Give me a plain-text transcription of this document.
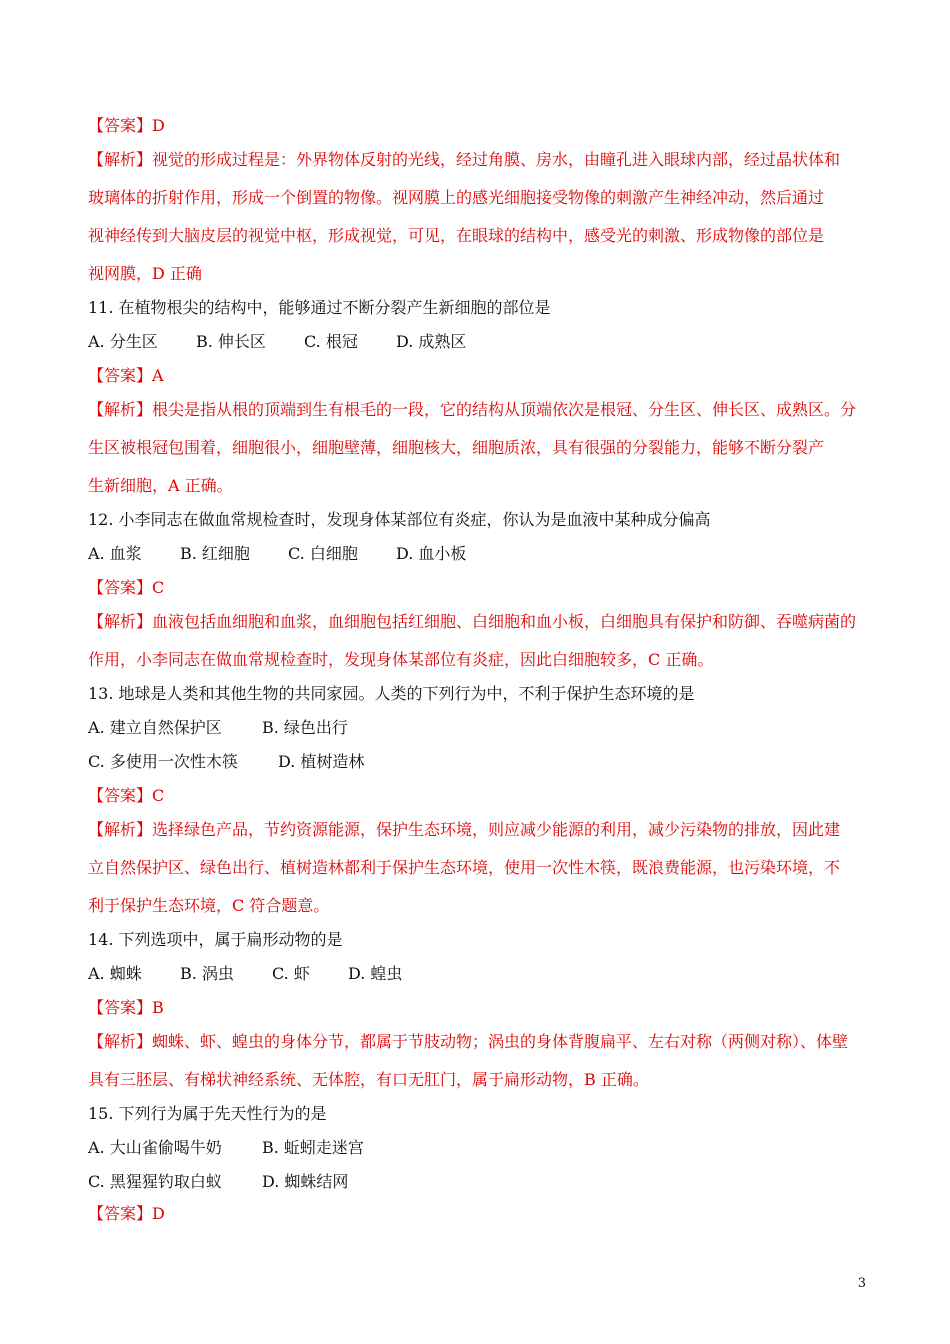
【答案】D
【解析】视觉的形成过程是：外界物体反射的光线，经过角膜、房水，由瞳孔进入眼球内部，经过晶状体和
玻璃体的折射作用，形成一个倒置的物像。视网膜上的感光细胞接受物像的刺激产生神经冲动，然后通过
视神经传到大脑皮层的视觉中枢，形成视觉，可见，在眼球的结构中，感受光的刺激、形成物像的部位是
视网膜，D 正确
11. 在植物根尖的结构中，能够通过不断分裂产生新细胞的部位是
A. 分生区 B. 伸长区 C. 根冠 D. 成熟区
【答案】A
【解析】根尖是指从根的顶端到生有根毛的一段，它的结构从顶端依次是根冠、分生区、伸长区、成熟区。分
生区被根冠包围着，细胞很小，细胞壁薄，细胞核大，细胞质浓，具有很强的分裂能力，能够不断分裂产
生新细胞，A 正确。
12. 小李同志在做血常规检查时，发现身体某部位有炎症，你认为是血液中某种成分偏高
A. 血浆 B. 红细胞 C. 白细胞 D. 血小板
【答案】C
【解析】血液包括血细胞和血浆，血细胞包括红细胞、白细胞和血小板，白细胞具有保护和防御、吞噬病菌的
作用，小李同志在做血常规检查时，发现身体某部位有炎症，因此白细胞较多，C 正确。
13. 地球是人类和其他生物的共同家园。人类的下列行为中，不利于保护生态环境的是
A. 建立自然保护区	B. 绿色出行
C. 多使用一次性木筷	D. 植树造林
【答案】C
【解析】选择绿色产品，节约资源能源，保护生态环境，则应减少能源的利用，减少污染物的排放，因此建
立自然保护区、绿色出行、植树造林都利于保护生态环境，使用一次性木筷，既浪费能源，也污染环境，不
利于保护生态环境，C 符合题意。
14. 下列选项中，属于扁形动物的是
A. 蜘蛛 B. 涡虫 C. 虾 D. 蝗虫
【答案】B
【解析】蜘蛛、虾、蝗虫的身体分节，都属于节肢动物；涡虫的身体背腹扁平、左右对称（两侧对称）、体壁
具有三胚层、有梯状神经系统、无体腔，有口无肛门，属于扁形动物，B 正确。
15. 下列行为属于先天性行为的是
A. 大山雀偷喝牛奶	B. 蚯蚓走迷宫
C. 黑猩猩钓取白蚁	D. 蜘蛛结网
【答案】D
3
